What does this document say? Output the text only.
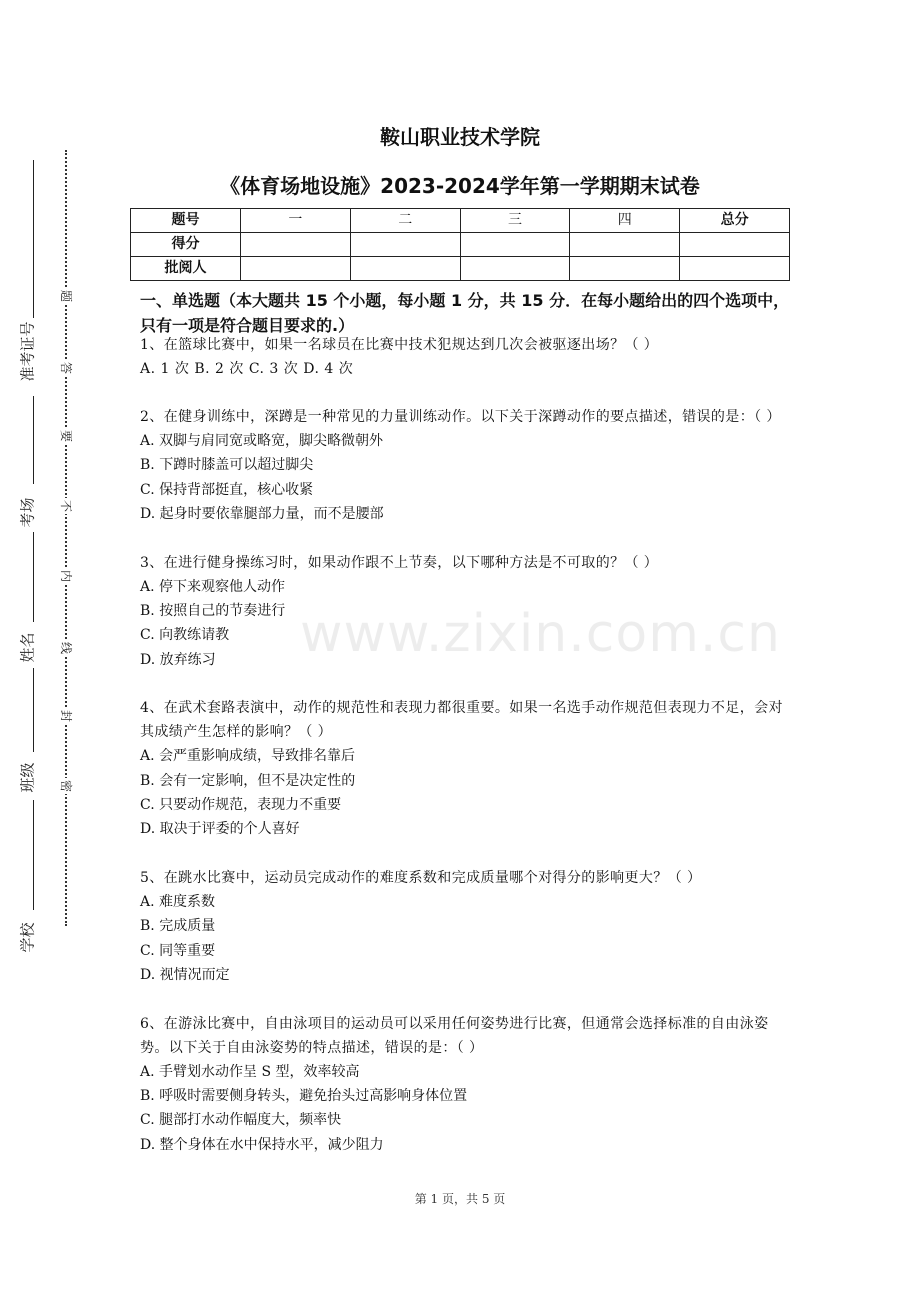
准考证号
考场
姓名
班级
学校
题
答
要
不
内
线
封
密
鞍山职业技术学院
《体育场地设施》2023-2024学年第一学期期末试卷
题号	一	二	三	四	总分
得分					
批阅人					
一、单选题（本大题共 15 个小题，每小题 1 分，共 15 分．在每小题给出的四个选项中，只有一项是符合题目要求的.）
1、在篮球比赛中，如果一名球员在比赛中技术犯规达到几次会被驱逐出场？（ ）
A. 1 次 B. 2 次 C. 3 次 D. 4 次
2、在健身训练中，深蹲是一种常见的力量训练动作。以下关于深蹲动作的要点描述，错误的是：（ ）
A. 双脚与肩同宽或略宽，脚尖略微朝外
B. 下蹲时膝盖可以超过脚尖
C. 保持背部挺直，核心收紧
D. 起身时要依靠腿部力量，而不是腰部
3、在进行健身操练习时，如果动作跟不上节奏，以下哪种方法是不可取的？（ ）
A. 停下来观察他人动作
B. 按照自己的节奏进行
C. 向教练请教
D. 放弃练习
4、在武术套路表演中，动作的规范性和表现力都很重要。如果一名选手动作规范但表现力不足，会对其成绩产生怎样的影响？（ ）
A. 会严重影响成绩，导致排名靠后
B. 会有一定影响，但不是决定性的
C. 只要动作规范，表现力不重要
D. 取决于评委的个人喜好
5、在跳水比赛中，运动员完成动作的难度系数和完成质量哪个对得分的影响更大？（ ）
A. 难度系数
B. 完成质量
C. 同等重要
D. 视情况而定
6、在游泳比赛中，自由泳项目的运动员可以采用任何姿势进行比赛，但通常会选择标准的自由泳姿势。以下关于自由泳姿势的特点描述，错误的是：（ ）
A. 手臂划水动作呈 S 型，效率较高
B. 呼吸时需要侧身转头，避免抬头过高影响身体位置
C. 腿部打水动作幅度大，频率快
D. 整个身体在水中保持水平，减少阻力
www.zixin.com.cn
第 1 页，共 5 页
